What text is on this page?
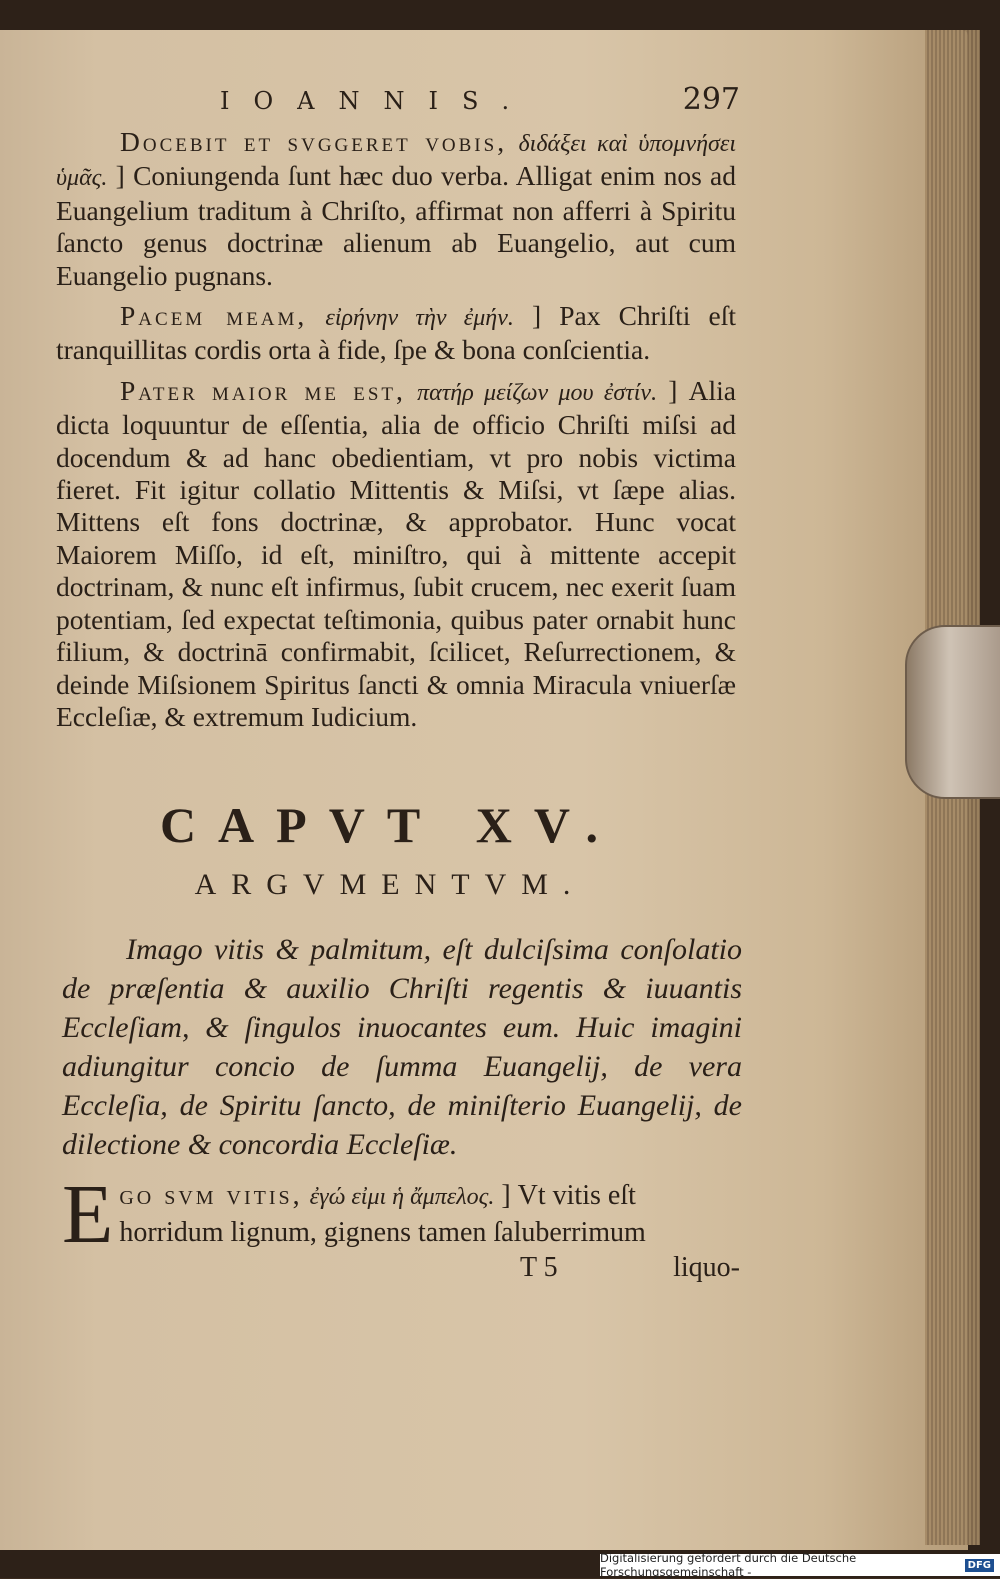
IOANNIS.	297

Docebit et svggeret vobis, διδάξει καὶ ὑπομνήσει ὑμᾶς. ] Coniungenda ſunt hæc duo verba. Alligat enim nos ad Euangelium traditum à Chriſto, affirmat non afferri à Spiritu ſancto genus doctrinæ alienum ab Euangelio, aut cum Euangelio pugnans.

Pacem meam, εἰρήνην τὴν ἐμήν. ] Pax Chriſti eſt tranquillitas cordis orta à fide, ſpe & bona conſcientia.

Pater maior me est, πατήρ μείζων μου ἐστίν. ] Alia dicta loquuntur de eſſentia, alia de officio Chriſti miſsi ad docendum & ad hanc obedientiam, vt pro nobis victima fieret. Fit igitur collatio Mittentis & Miſsi, vt ſæpe alias. Mittens eſt fons doctrinæ, & approbator. Hunc vocat Maiorem Miſſo, id eſt, miniſtro, qui à mittente accepit doctrinam, & nunc eſt infirmus, ſubit crucem, nec exerit ſuam potentiam, ſed expectat teſtimonia, quibus pater ornabit hunc filium, & doctrinā confirmabit, ſcilicet, Reſurrectionem, & deinde Miſsionem Spiritus ſancti & omnia Miracula vniuerſæ Eccleſiæ, & extremum Iudicium.

CAPVT XV.
ARGVMENTVM.
Imago vitis & palmitum, eſt dulciſsima conſolatio de præſentia & auxilio Chriſti regentis & iuuantis Eccleſiam, & ſingulos inuocantes eum. Huic imagini adiungitur concio de ſumma Euangelij, de vera Eccleſia, de Spiritu ſancto, de miniſterio Euangelij, de dilectione & concordia Eccleſiæ.
E go svm vitis, ἐγώ εἰμι ἡ ἄμπελος. ] Vt vitis eſt horridum lignum, gignens tamen ſaluberrimum
T 5	liquo-
Digitalisierung gefördert durch die Deutsche Forschungsgemeinschaft -	DFG
